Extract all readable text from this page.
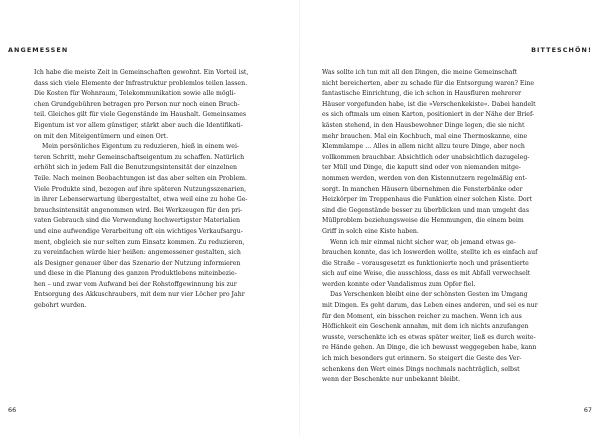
ANGEMESSEN
Ich habe die meiste Zeit in Gemeinschaften gewohnt. Ein Vorteil ist,
dass sich viele Elemente der Infrastruktur problemlos teilen lassen.
Die Kosten für Wohnraum, Telekommunikation sowie alle mögli-
chen Grundgebühren betragen pro Person nur noch einen Bruch-
teil. Gleiches gilt für viele Gegenstände im Haushalt. Gemeinsames
Eigentum ist vor allem günstiger, stärkt aber auch die Identifikati-
on mit den Miteigentümern und einen Ort.
Mein persönliches Eigentum zu reduzieren, hieß in einem wei-
teren Schritt, mehr Gemeinschaftseigentum zu schaffen. Natürlich
erhöht sich in jedem Fall die Benutzungsintensität der einzelnen
Teile. Nach meinen Beobachtungen ist das aber selten ein Problem.
Viele Produkte sind, bezogen auf ihre späteren Nutzungsszenarien,
in ihrer Lebenserwartung übergestaltet, etwa weil eine zu hohe Ge-
brauchsintensität angenommen wird. Bei Werkzeugen für den pri-
vaten Gebrauch sind die Verwendung hochwertigster Materialien
und eine aufwendige Verarbeitung oft ein wichtiges Verkaufsargu-
ment, obgleich sie nur selten zum Einsatz kommen. Zu reduzieren,
zu vereinfachen würde hier heißen: angemessener gestalten, sich
als Designer genauer über das Szenario der Nutzung informieren
und diese in die Planung des ganzen Produktlebens miteinbezie-
hen – und zwar vom Aufwand bei der Rohstoffgewinnung bis zur
Entsorgung des Akkuschraubers, mit dem nur vier Löcher pro Jahr
gebohrt wurden.
66
BITTESCHÖN!
Was sollte ich tun mit all den Dingen, die meine Gemeinschaft
nicht bereicherten, aber zu schade für die Entsorgung waren? Eine
fantastische Einrichtung, die ich schon in Hausfluren mehrerer
Häuser vorgefunden habe, ist die »Verschenkekiste«. Dabei handelt
es sich oftmals um einen Karton, positioniert in der Nähe der Brief-
kästen stehend, in den Hausbewohner Dinge legen, die sie nicht
mehr brauchen. Mal ein Kochbuch, mal eine Thermoskanne, eine
Klemmlampe … Alles in allem nicht allzu teure Dinge, aber noch
vollkommen brauchbar. Absichtlich oder unabsichtlich dazugeleg-
ter Müll und Dinge, die kaputt sind oder von niemanden mitge-
nommen werden, werden von den Kistennutzern regelmäßig ent-
sorgt. In manchen Häusern übernehmen die Fensterbänke oder
Heizkörper im Treppenhaus die Funktion einer solchen Kiste. Dort
sind die Gegenstände besser zu überblicken und man umgeht das
Müllproblem beziehungsweise die Hemmungen, die einem beim
Griff in solch eine Kiste haben.
Wenn ich mir einmal nicht sicher war, ob jemand etwas ge-
brauchen konnte, das ich loswerden wollte, stellte ich es einfach auf
die Straße – vorausgesetzt es funktionierte noch und präsentierte
sich auf eine Weise, die ausschloss, dass es mit Abfall verwechselt
werden konnte oder Vandalismus zum Opfer fiel.
Das Verschenken bleibt eine der schönsten Gesten im Umgang
mit Dingen. Es geht darum, das Leben eines anderen, und sei es nur
für den Moment, ein bisschen reicher zu machen. Wenn ich aus
Höflichkeit ein Geschenk annahm, mit dem ich nichts anzufangen
wusste, verschenkte ich es etwas später weiter, ließ es durch weite-
re Hände gehen. An Dinge, die ich bewusst weggegeben habe, kann
ich mich besonders gut erinnern. So steigert die Geste des Ver-
schenkens den Wert eines Dings nochmals nachträglich, selbst
wenn der Beschenkte nur unbekannt bleibt.
67
